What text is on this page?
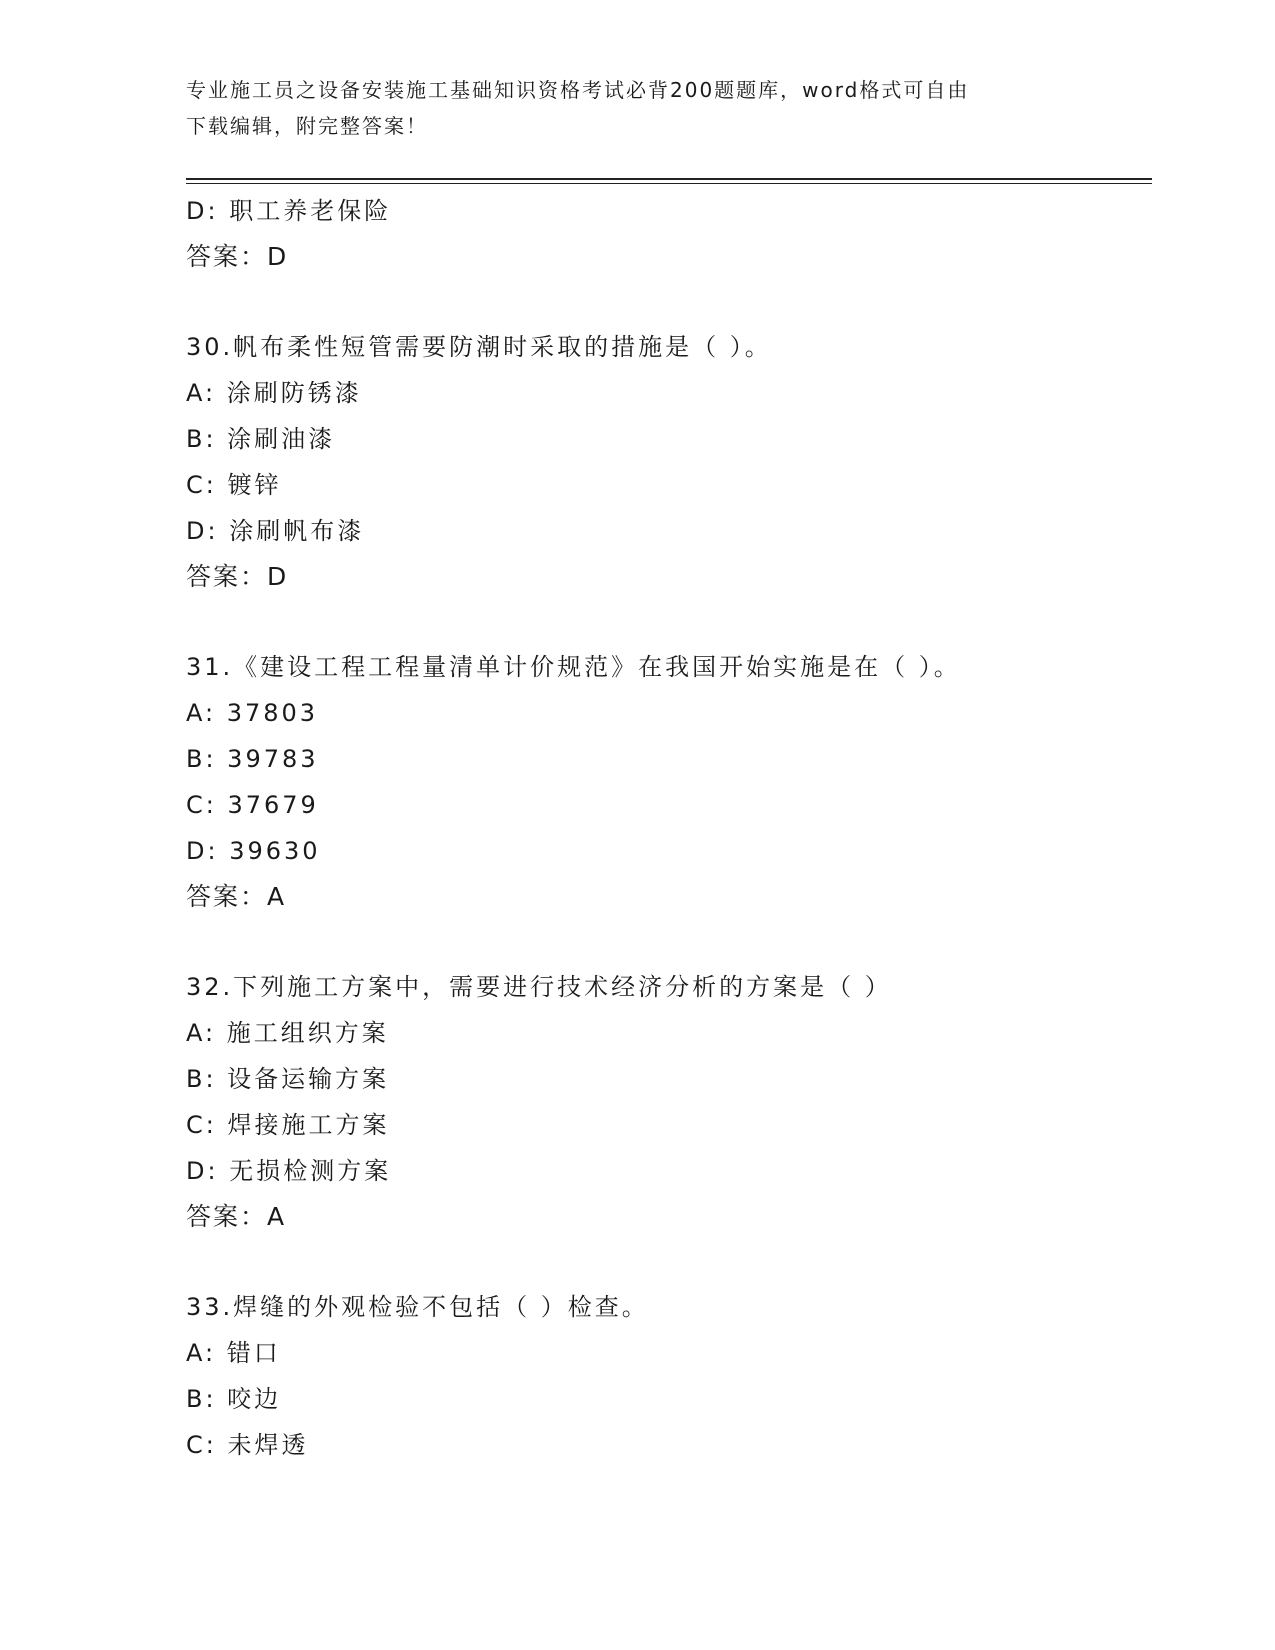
专业施工员之设备安装施工基础知识资格考试必背200题题库，word格式可自由
下载编辑，附完整答案！
D: 职工养老保险
答案：D
30.帆布柔性短管需要防潮时采取的措施是（ ）。
A: 涂刷防锈漆
B: 涂刷油漆
C: 镀锌
D: 涂刷帆布漆
答案：D
31.《建设工程工程量清单计价规范》在我国开始实施是在（ ）。
A: 37803
B: 39783
C: 37679
D: 39630
答案：A
32.下列施工方案中，需要进行技术经济分析的方案是（ ）
A: 施工组织方案
B: 设备运输方案
C: 焊接施工方案
D: 无损检测方案
答案：A
33.焊缝的外观检验不包括（ ）检查。
A: 错口
B: 咬边
C: 未焊透
